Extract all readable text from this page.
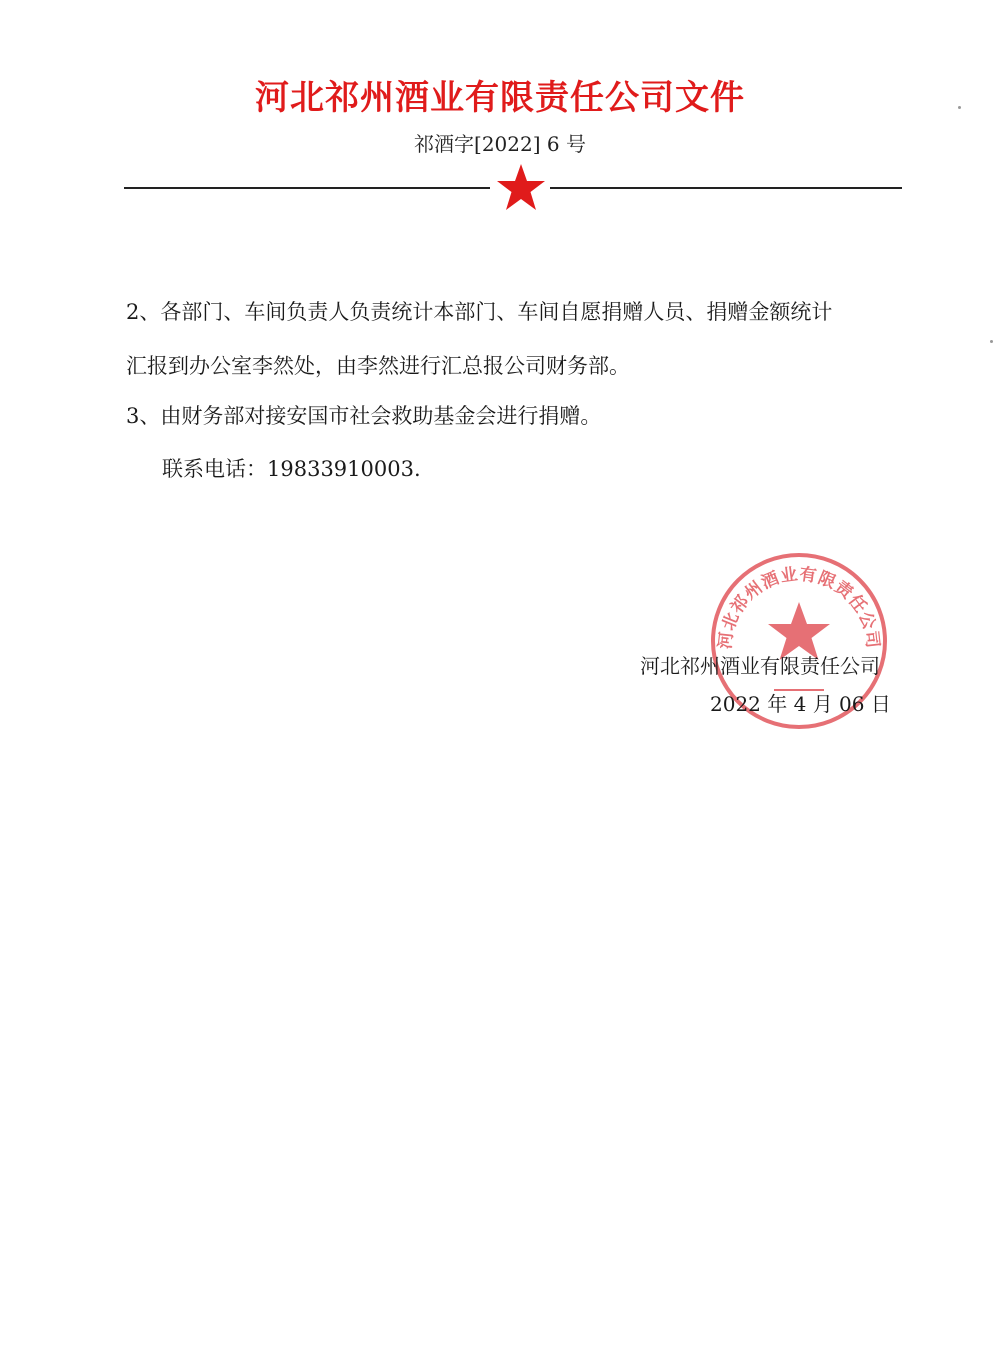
河北祁州酒业有限责任公司文件
祁酒字[2022] 6 号
2、各部门、车间负责人负责统计本部门、车间自愿捐赠人员、捐赠金额统计
汇报到办公室李然处，由李然进行汇总报公司财务部。
3、由财务部对接安国市社会救助基金会进行捐赠。
联系电话：19833910003.
河北祁州酒业有限责任公司
河北祁州酒业有限责任公司
2022 年 4 月 06 日
